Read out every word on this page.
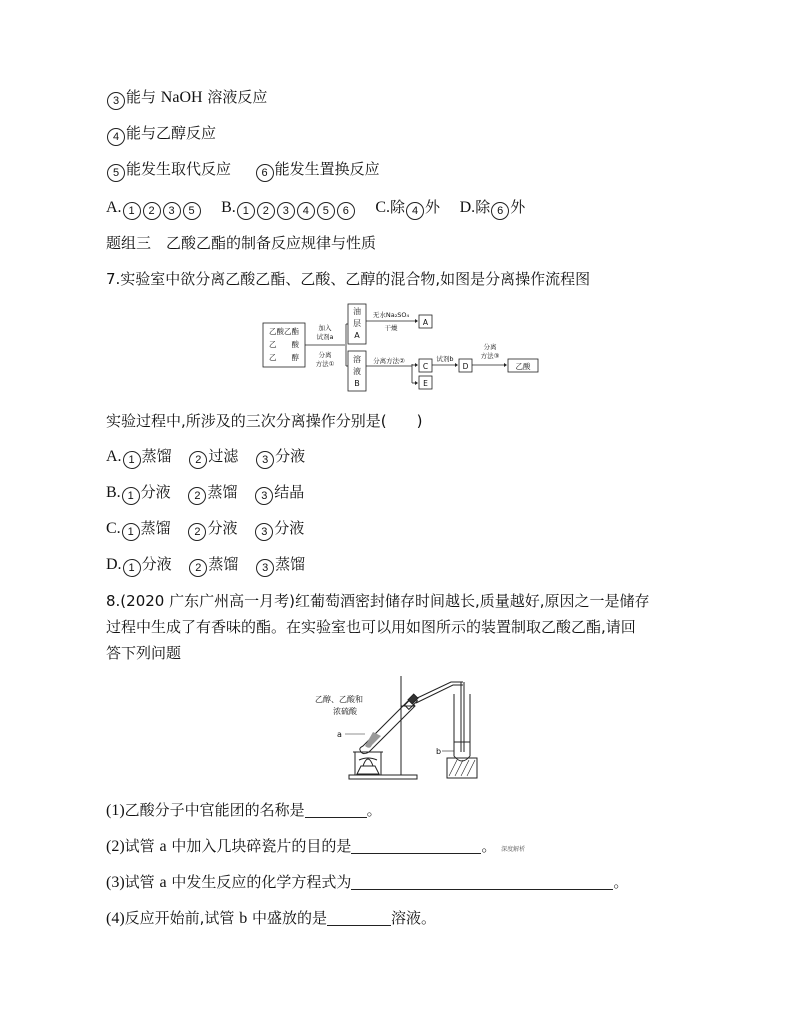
3 能与 NaOH 溶液反应
4 能与乙醇反应
5 能发生取代反应	6 能发生置换反应
A. 1 2 3 5 B. 1 2 3 4 5 6 C.除 4 外 D.除 6 外
题组三　乙酸乙酯的制备反应规律与性质
7.实验室中欲分离乙酸乙酯、乙酸、乙醇的混合物,如图是分离操作流程图
乙酸乙酯
乙　　酸
乙　　醇
加入
试剂a
分离
方法①
油
层
A
溶
液
B
无水Na₂SO₄
干燥
分离方法②	试剂b
分离
方法③
A
C
E
D	乙酸
实验过程中,所涉及的三次分离操作分别是(　　)
A. 1 蒸馏 2 过滤 3 分液
B. 1 分液 2 蒸馏 3 结晶
C. 1 蒸馏 2 分液 3 分液
D. 1 分液 2 蒸馏 3 蒸馏
8.(2020 广东广州高一月考)红葡萄酒密封储存时间越长,质量越好,原因之一是储存
过程中生成了有香味的酯。在实验室也可以用如图所示的装置制取乙酸乙酯,请回
答下列问题
乙醇、乙酸和
浓硫酸
a
b
(1)乙酸分子中官能团的名称是	。
(2)试管 a 中加入几块碎瓷片的目的是	。 深度解析
(3)试管 a 中发生反应的化学方程式为	。
(4)反应开始前,试管 b 中盛放的是	溶液。
